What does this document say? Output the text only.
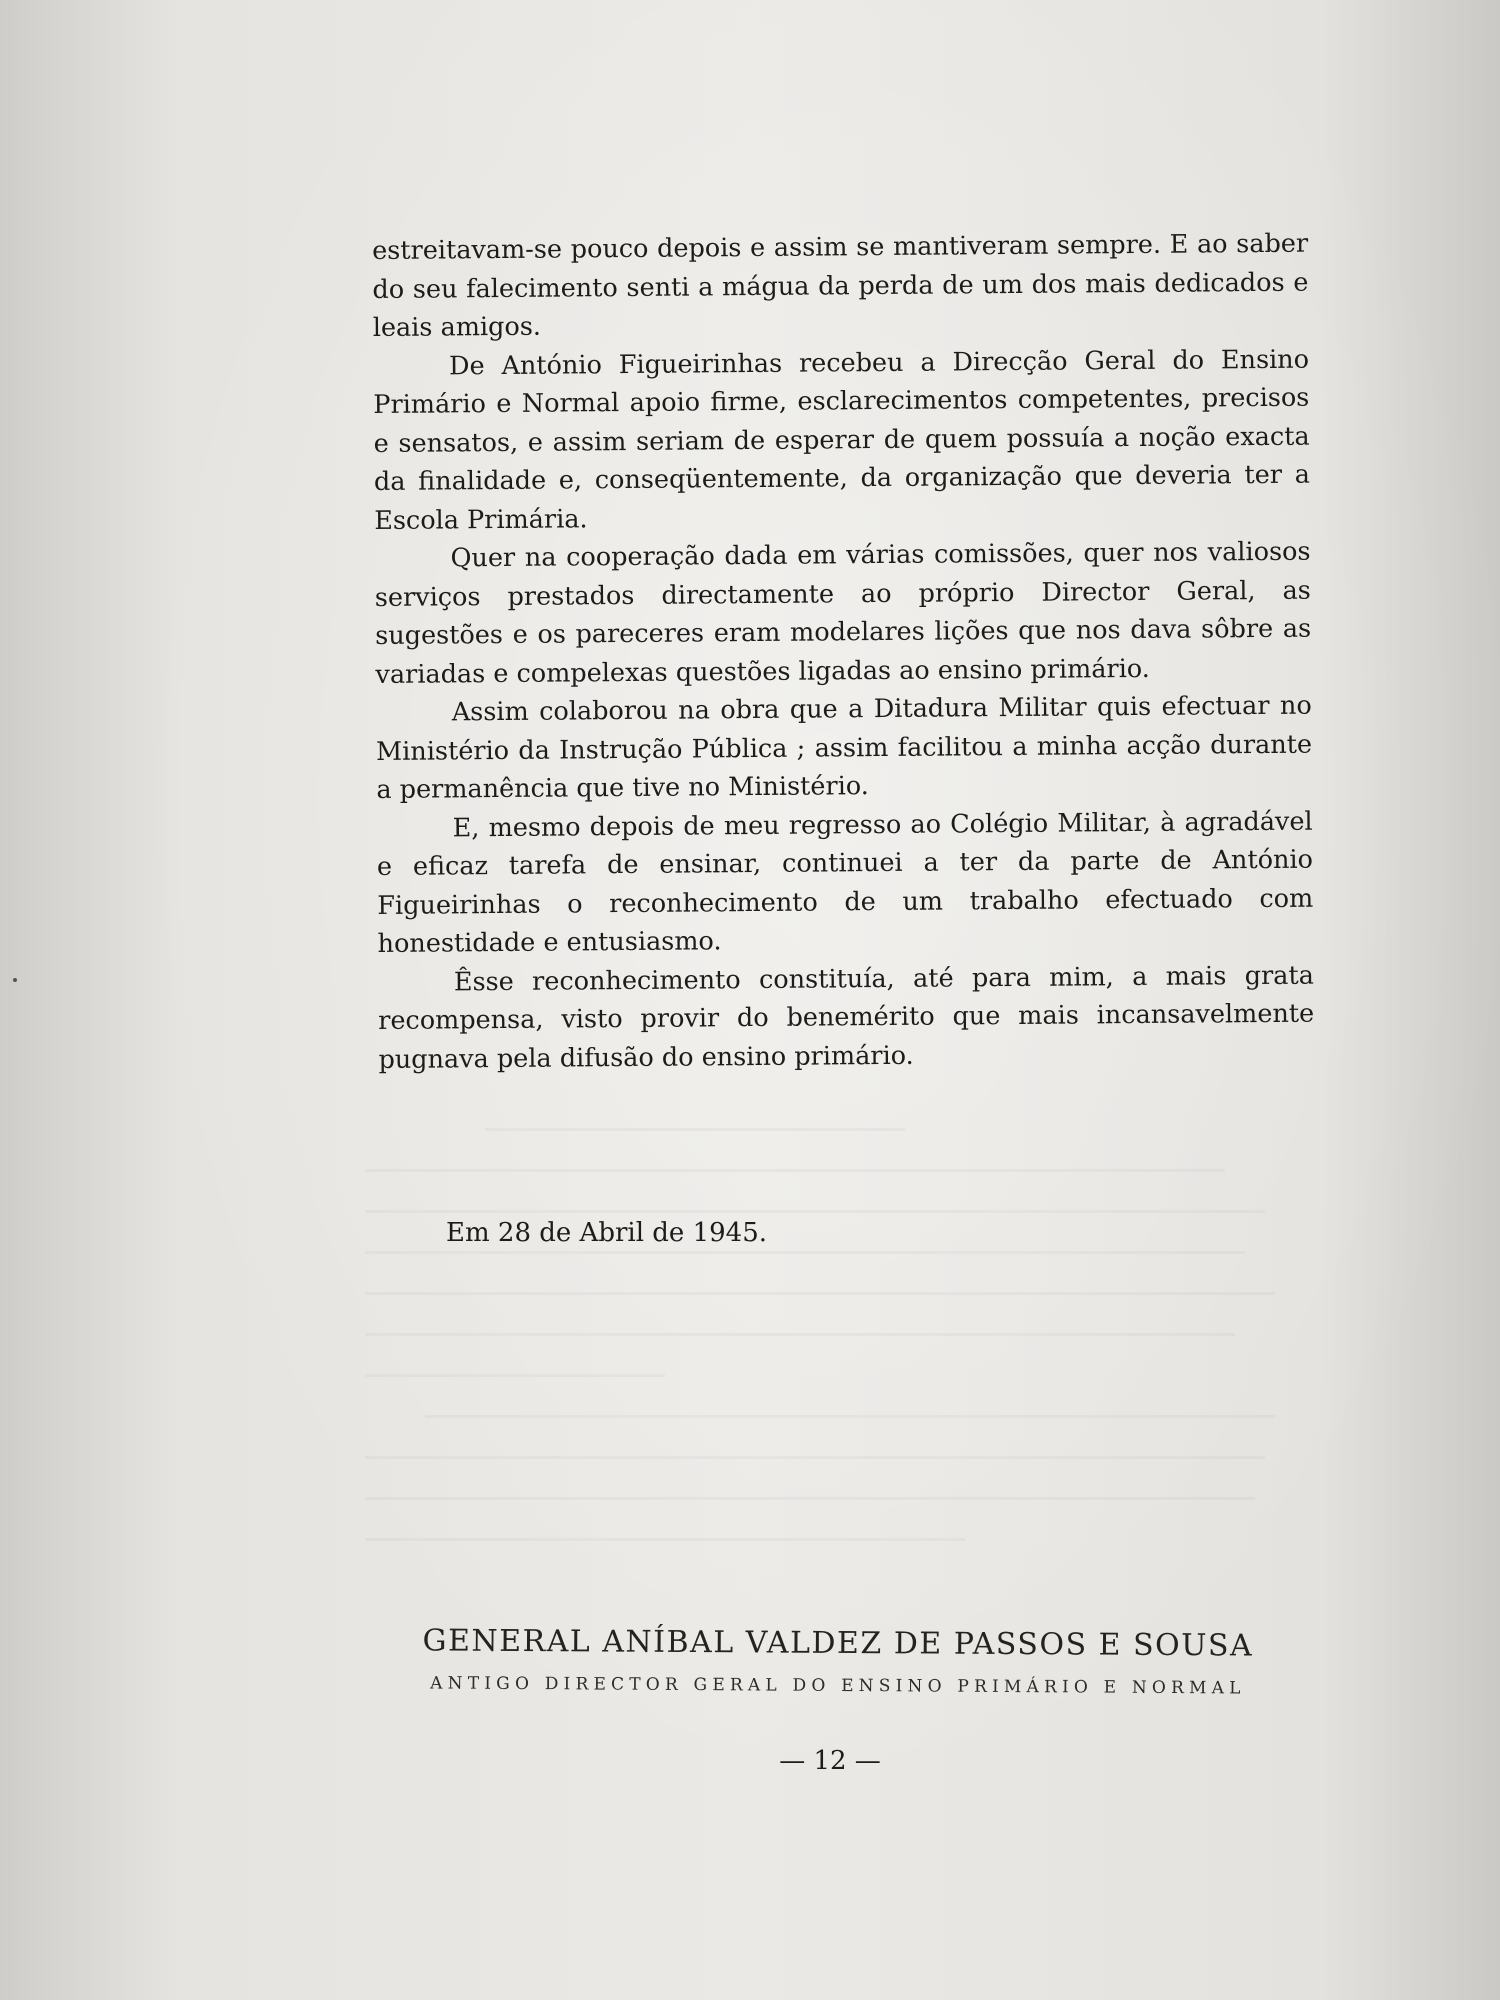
estreitavam-se pouco depois e assim se mantiveram sempre. E ao saber do seu falecimento senti a mágua da perda de um dos mais dedicados e leais amigos.

De António Figueirinhas recebeu a Direcção Geral do Ensino Primário e Normal apoio firme, esclarecimentos competentes, precisos e sensatos, e assim seriam de esperar de quem possuía a noção exacta da finalidade e, conseqüentemente, da organização que deveria ter a Escola Primária.

Quer na cooperação dada em várias comissões, quer nos valiosos serviços prestados directamente ao próprio Director Geral, as sugestões e os pareceres eram modelares lições que nos dava sôbre as variadas e compelexas questões ligadas ao ensino primário.

Assim colaborou na obra que a Ditadura Militar quis efectuar no Ministério da Instrução Pública ; assim facilitou a minha acção durante a permanência que tive no Ministério.

E, mesmo depois de meu regresso ao Colégio Militar, à agradável e eficaz tarefa de ensinar, continuei a ter da parte de António Figueirinhas o reconhecimento de um trabalho efectuado com honestidade e entusiasmo.

Êsse reconhecimento constituía, até para mim, a mais grata recompensa, visto provir do benemérito que mais incansavelmente pugnava pela difusão do ensino primário.

Em 28 de Abril de 1945.
GENERAL ANÍBAL VALDEZ DE PASSOS E SOUSA
ANTIGO DIRECTOR GERAL DO ENSINO PRIMÁRIO E NORMAL
— 12 —
